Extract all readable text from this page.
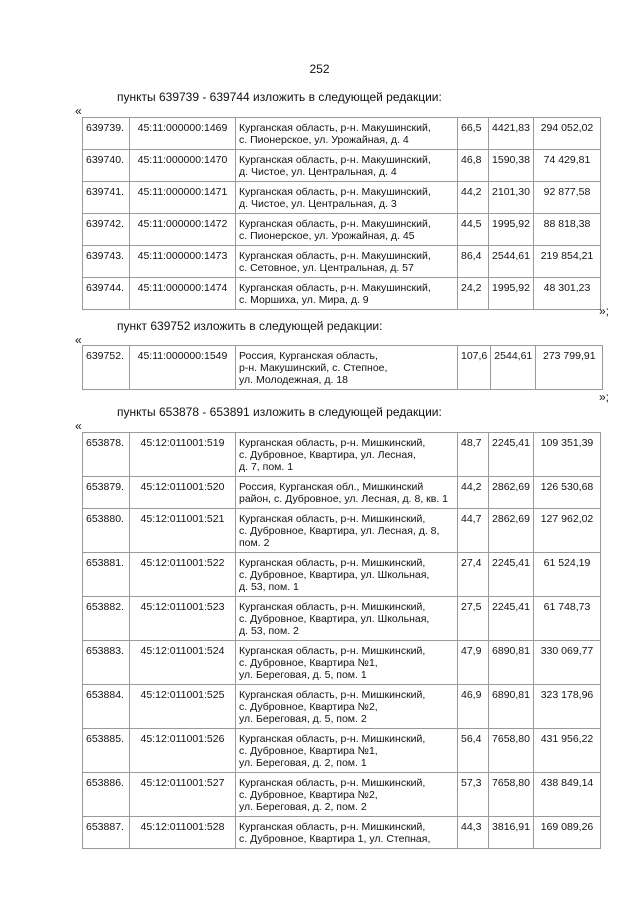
252
пункты 639739 - 639744 изложить в следующей редакции:
«
639739.	45:11:000000:1469	Курганская область, р-н. Макушинский,
с. Пионерское, ул. Урожайная, д. 4	66,5	4421,83	294 052,02
639740.	45:11:000000:1470	Курганская область, р-н. Макушинский,
д. Чистое, ул. Центральная, д. 4	46,8	1590,38	74 429,81
639741.	45:11:000000:1471	Курганская область, р-н. Макушинский,
д. Чистое, ул. Центральная, д. 3	44,2	2101,30	92 877,58
639742.	45:11:000000:1472	Курганская область, р-н. Макушинский,
с. Пионерское, ул. Урожайная, д. 45	44,5	1995,92	88 818,38
639743.	45:11:000000:1473	Курганская область, р-н. Макушинский,
с. Сетовное, ул. Центральная, д. 57	86,4	2544,61	219 854,21
639744.	45:11:000000:1474	Курганская область, р-н. Макушинский,
с. Моршиха, ул. Мира, д. 9	24,2	1995,92	48 301,23
»;
пункт 639752 изложить в следующей редакции:
«
639752.	45:11:000000:1549	Россия, Курганская область,
р-н. Макушинский, с. Степное,
ул. Молодежная, д. 18
	107,6	2544,61	273 799,91
»;
пункты 653878 - 653891 изложить в следующей редакции:
«
653878.	45:12:011001:519	Курганская область, р-н. Мишкинский,
с. Дубровное, Квартира, ул. Лесная,
д. 7, пом. 1	48,7	2245,41	109 351,39
653879.	45:12:011001:520	Россия, Курганская обл., Мишкинский
район, с. Дубровное, ул. Лесная, д. 8, кв. 1	44,2	2862,69	126 530,68
653880.	45:12:011001:521	Курганская область, р-н. Мишкинский,
с. Дубровное, Квартира, ул. Лесная, д. 8,
пом. 2	44,7	2862,69	127 962,02
653881.	45:12:011001:522	Курганская область, р-н. Мишкинский,
с. Дубровное, Квартира, ул. Школьная,
д. 53, пом. 1	27,4	2245,41	61 524,19
653882.	45:12:011001:523	Курганская область, р-н. Мишкинский,
с. Дубровное, Квартира, ул. Школьная,
д. 53, пом. 2	27,5	2245,41	61 748,73
653883.	45:12:011001:524	Курганская область, р-н. Мишкинский,
с. Дубровное, Квартира №1,
ул. Береговая, д. 5, пом. 1	47,9	6890,81	330 069,77
653884.	45:12:011001:525	Курганская область, р-н. Мишкинский,
с. Дубровное, Квартира №2,
ул. Береговая, д. 5, пом. 2	46,9	6890,81	323 178,96
653885.	45:12:011001:526	Курганская область, р-н. Мишкинский,
с. Дубровное, Квартира №1,
ул. Береговая, д. 2, пом. 1	56,4	7658,80	431 956,22
653886.	45:12:011001:527	Курганская область, р-н. Мишкинский,
с. Дубровное, Квартира №2,
ул. Береговая, д. 2, пом. 2	57,3	7658,80	438 849,14
653887.	45:12:011001:528	Курганская область, р-н. Мишкинский,
с. Дубровное, Квартира 1, ул. Степная,	44,3	3816,91	169 089,26
